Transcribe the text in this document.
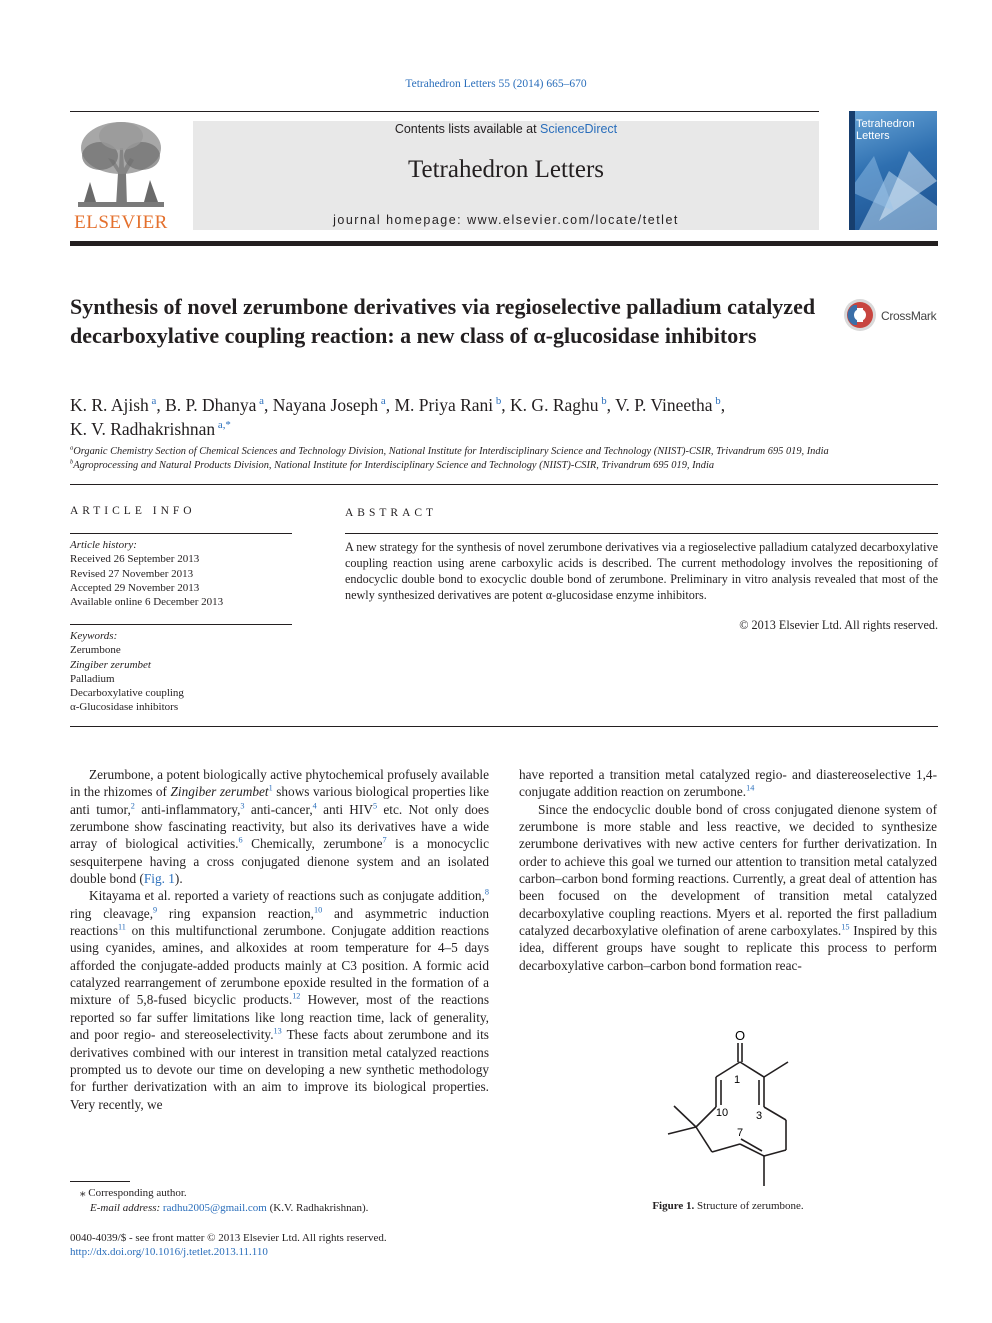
Tetrahedron Letters 55 (2014) 665–670
ELSEVIER
Contents lists available at ScienceDirect
Tetrahedron Letters
journal homepage: www.elsevier.com/locate/tetlet
Tetrahedron
Letters
Synthesis of novel zerumbone derivatives via regioselective palladium catalyzed decarboxylative coupling reaction: a new class of α-glucosidase inhibitors
CrossMark
K. R. Ajish $^a$, B. P. Dhanya $^a$, Nayana Joseph $^a$, M. Priya Rani $^b$, K. G. Raghu $^b$, V. P. Vineetha $^b$,
K. V. Radhakrishnan $^{a,*}$
$^a$Organic Chemistry Section of Chemical Sciences and Technology Division, National Institute for Interdisciplinary Science and Technology (NIIST)-CSIR, Trivandrum 695 019, India
$^b$Agroprocessing and Natural Products Division, National Institute for Interdisciplinary Science and Technology (NIIST)-CSIR, Trivandrum 695 019, India
ARTICLE INFO
Article history:
Received 26 September 2013
Revised 27 November 2013
Accepted 29 November 2013
Available online 6 December 2013
Keywords:
Zerumbone
Zingiber zerumbet
Palladium
Decarboxylative coupling
α-Glucosidase inhibitors
ABSTRACT
A new strategy for the synthesis of novel zerumbone derivatives via a regioselective palladium catalyzed decarboxylative coupling reaction using arene carboxylic acids is described. The current methodology involves the repositioning of endocyclic double bond to exocyclic double bond of zerumbone. Preliminary in vitro analysis revealed that most of the newly synthesized derivatives are potent α-glucosidase enzyme inhibitors.
© 2013 Elsevier Ltd. All rights reserved.

Zerumbone, a potent biologically active phytochemical profusely available in the rhizomes of Zingiber zerumbet$^1$ shows various biological properties like anti tumor,$^2$ anti-inflammatory,$^3$ anti-cancer,$^4$ anti HIV$^5$ etc. Not only does zerumbone show fascinating reactivity, but also its derivatives have a wide array of biological activities.$^6$ Chemically, zerumbone$^7$ is a monocyclic sesquiterpene having a cross conjugated dienone system and an isolated double bond (Fig. 1).

Kitayama et al. reported a variety of reactions such as conjugate addition,$^8$ ring cleavage,$^9$ ring expansion reaction,$^{10}$ and asymmetric induction reactions$^{11}$ on this multifunctional zerumbone. Conjugate addition reactions using cyanides, amines, and alkoxides at room temperature for 4–5 days afforded the conjugate-added products mainly at C3 position. A formic acid catalyzed rearrangement of zerumbone epoxide resulted in the formation of a mixture of 5,8-fused bicyclic products.$^{12}$ However, most of the reactions reported so far suffer limitations like long reaction time, lack of generality, and poor regio- and stereoselectivity.$^{13}$ These facts about zerumbone and its derivatives combined with our interest in transition metal catalyzed reactions prompted us to devote our time on developing a new synthetic methodology for further derivatization with an aim to improve its biological properties. Very recently, we

have reported a transition metal catalyzed regio- and diastereoselective 1,4-conjugate addition reaction on zerumbone.$^{14}$

Since the endocyclic double bond of cross conjugated dienone system of zerumbone is more stable and less reactive, we decided to synthesize zerumbone derivatives with new active centers for further derivatization. In order to achieve this goal we turned our attention to transition metal catalyzed carbon–carbon bond forming reactions. Currently, a great deal of attention has been focused on the development of transition metal catalyzed decarboxylative coupling reactions. Myers et al. reported the first palladium catalyzed decarboxylative olefination of arene carboxylates.$^{15}$ Inspired by this idea, different groups have sought to replicate this process to perform decarboxylative carbon–carbon bond formation reac-

O
1
3
10
7
Figure 1. Structure of zerumbone.
⁎ Corresponding author.
E-mail address: radhu2005@gmail.com (K.V. Radhakrishnan).
0040-4039/$ - see front matter © 2013 Elsevier Ltd. All rights reserved.
http://dx.doi.org/10.1016/j.tetlet.2013.11.110
